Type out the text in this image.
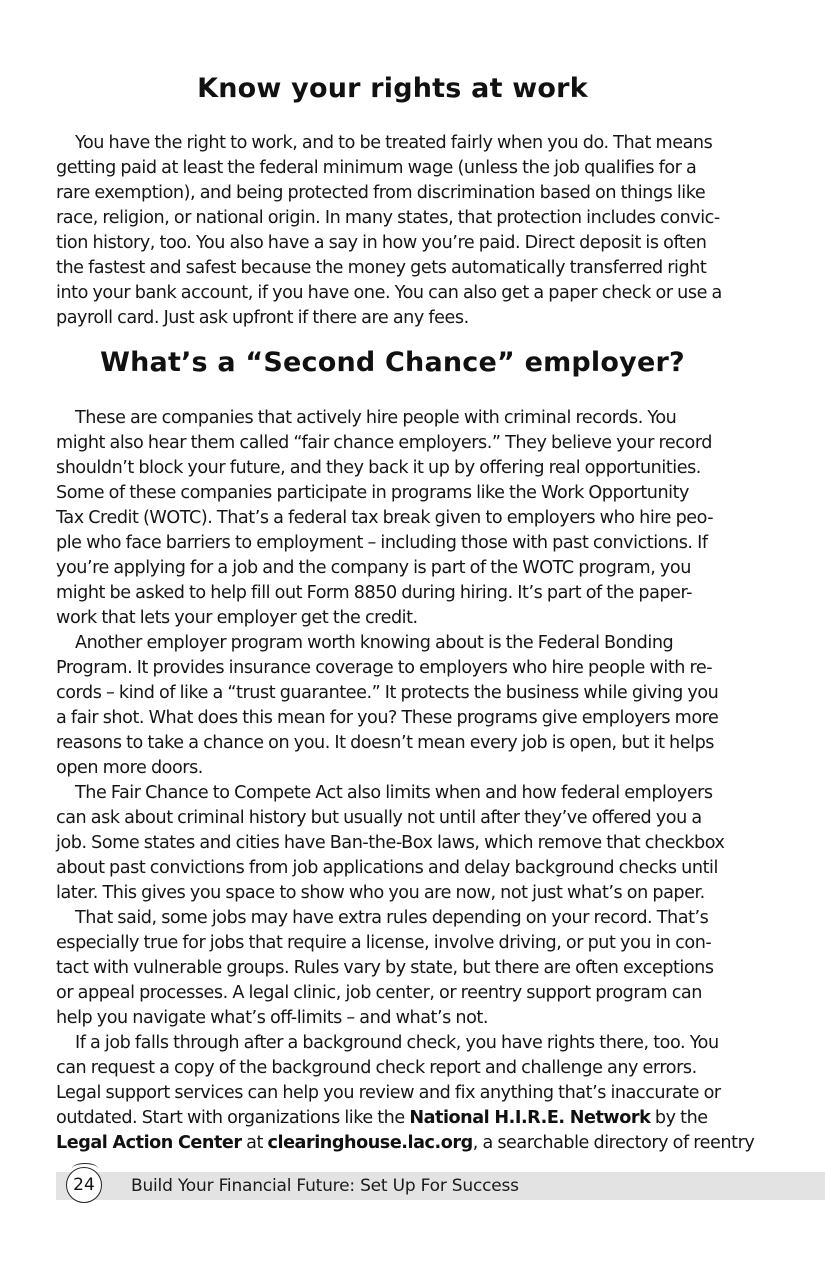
Know your rights at work
You have the right to work, and to be treated fairly when you do. That means
getting paid at least the federal minimum wage (unless the job qualifies for a
rare exemption), and being protected from discrimination based on things like
race, religion, or national origin. In many states, that protection includes convic-
tion history, too. You also have a say in how you’re paid. Direct deposit is often
the fastest and safest because the money gets automatically transferred right
into your bank account, if you have one. You can also get a paper check or use a
payroll card. Just ask upfront if there are any fees.
What’s a “Second Chance” employer?
These are companies that actively hire people with criminal records. You
might also hear them called “fair chance employers.” They believe your record
shouldn’t block your future, and they back it up by offering real opportunities.
Some of these companies participate in programs like the Work Opportunity
Tax Credit (WOTC). That’s a federal tax break given to employers who hire peo-
ple who face barriers to employment – including those with past convictions. If
you’re applying for a job and the company is part of the WOTC program, you
might be asked to help fill out Form 8850 during hiring. It’s part of the paper-
work that lets your employer get the credit.
Another employer program worth knowing about is the Federal Bonding
Program. It provides insurance coverage to employers who hire people with re-
cords – kind of like a “trust guarantee.” It protects the business while giving you
a fair shot. What does this mean for you? These programs give employers more
reasons to take a chance on you. It doesn’t mean every job is open, but it helps
open more doors.
The Fair Chance to Compete Act also limits when and how federal employers
can ask about criminal history but usually not until after they’ve offered you a
job. Some states and cities have Ban-the-Box laws, which remove that checkbox
about past convictions from job applications and delay background checks until
later. This gives you space to show who you are now, not just what’s on paper.
That said, some jobs may have extra rules depending on your record. That’s
especially true for jobs that require a license, involve driving, or put you in con-
tact with vulnerable groups. Rules vary by state, but there are often exceptions
or appeal processes. A legal clinic, job center, or reentry support program can
help you navigate what’s off-limits – and what’s not.
If a job falls through after a background check, you have rights there, too. You
can request a copy of the background check report and challenge any errors.
Legal support services can help you review and fix anything that’s inaccurate or
outdated. Start with organizations like the National H.I.R.E. Network by the
Legal Action Center at clearinghouse.lac.org, a searchable directory of reentry
24	Build Your Financial Future: Set Up For Success
